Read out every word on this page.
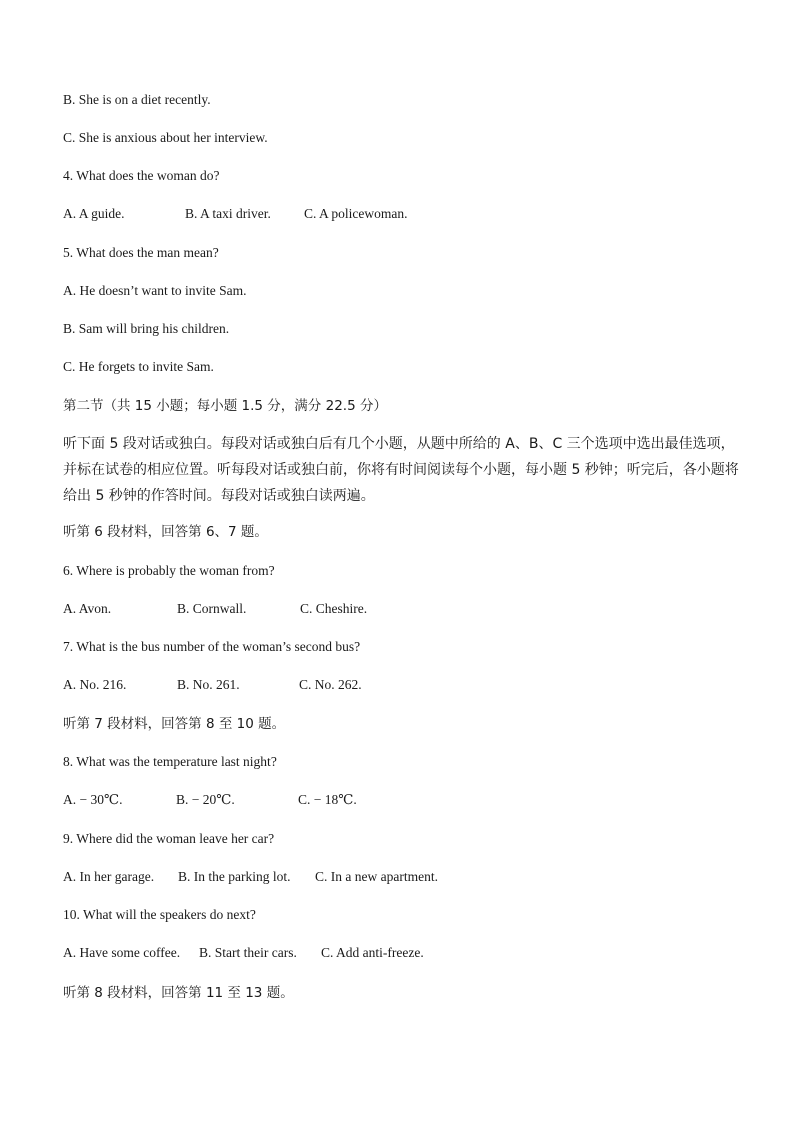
B. She is on a diet recently.
C. She is anxious about her interview.
4. What does the woman do?
A. A guide.	B. A taxi driver. C. A policewoman.
5. What does the man mean?
A. He doesn’t want to invite Sam.
B. Sam will bring his children.
C. He forgets to invite Sam.
第二节（共 15 小题；每小题 1.5 分，满分 22.5 分）
听下面 5 段对话或独白。每段对话或独白后有几个小题，从题中所给的 A、B、C 三个选项中选出最佳选项，并标在试卷的相应位置。听每段对话或独白前，你将有时间阅读每个小题，每小题 5 秒钟；听完后，各小题将给出 5 秒钟的作答时间。每段对话或独白读两遍。
听第 6 段材料，回答第 6、7 题。
6. Where is probably the woman from?
A. Avon.	B. Cornwall.	C. Cheshire.
7. What is the bus number of the woman’s second bus?
A. No. 216.	B. No. 261.	C. No. 262.
听第 7 段材料，回答第 8 至 10 题。
8. What was the temperature last night?
A. − 30℃.	B. − 20℃.	C. − 18℃.
9. Where did the woman leave her car?
A. In her garage. B. In the parking lot. C. In a new apartment.
10. What will the speakers do next?
A. Have some coffee. B. Start their cars. C. Add anti-freeze.
听第 8 段材料，回答第 11 至 13 题。
